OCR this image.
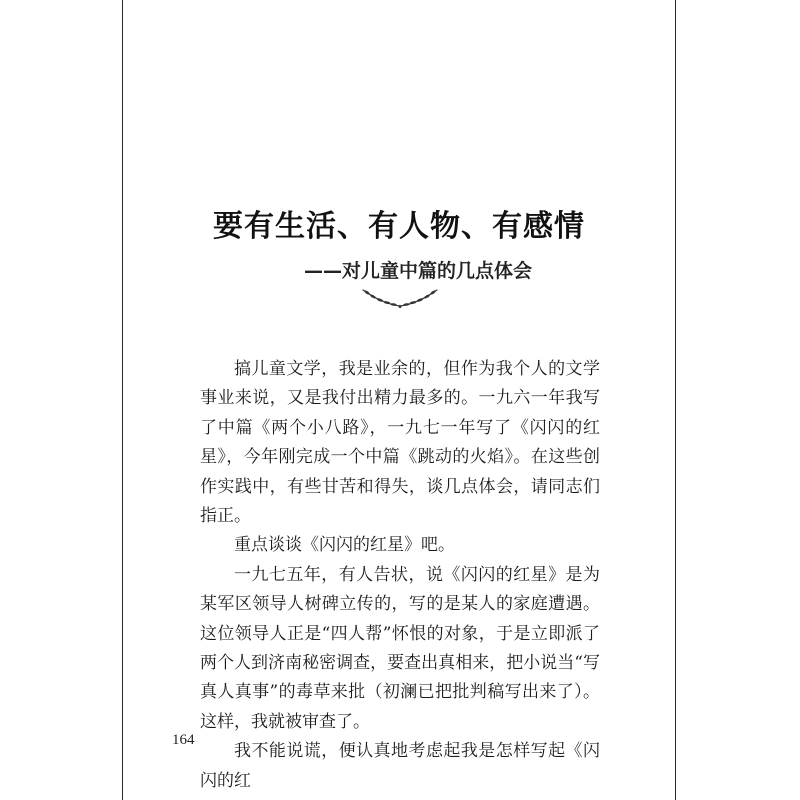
要有生活、有人物、有感情
——对儿童中篇的几点体会

搞儿童文学，我是业余的，但作为我个人的文学事业来说，又是我付出精力最多的。一九六一年我写了中篇《两个小八路》，一九七一年写了《闪闪的红星》，今年刚完成一个中篇《跳动的火焰》。在这些创作实践中，有些甘苦和得失，谈几点体会，请同志们指正。

重点谈谈《闪闪的红星》吧。

一九七五年，有人告状，说《闪闪的红星》是为某军区领导人树碑立传的，写的是某人的家庭遭遇。这位领导人正是“四人帮”怀恨的对象，于是立即派了两个人到济南秘密调查，要查出真相来，把小说当“写真人真事”的毒草来批（初澜已把批判稿写出来了）。这样，我就被审查了。

我不能说谎，便认真地考虑起我是怎样写起《闪闪的红

164
